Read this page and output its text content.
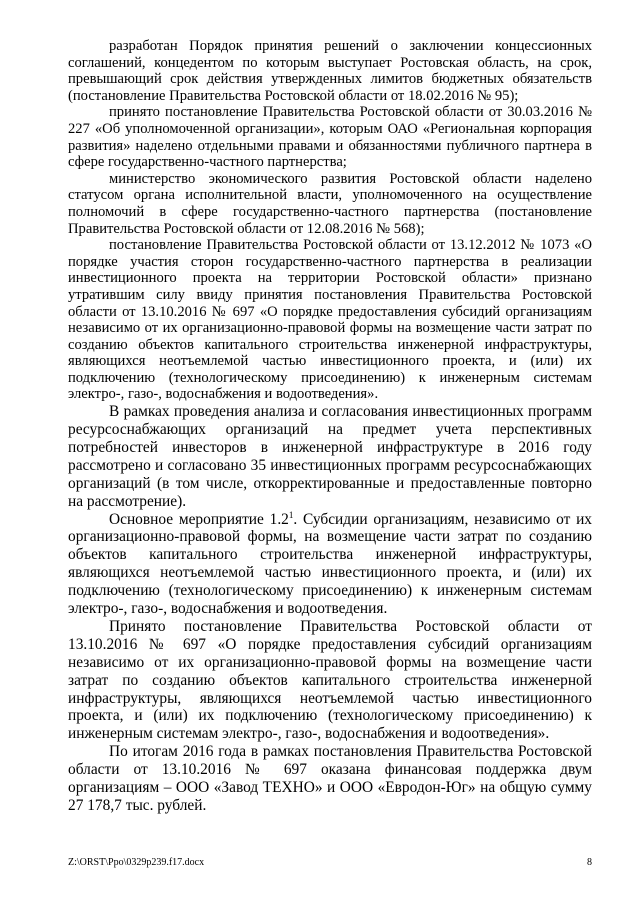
разработан Порядок принятия решений о заключении концессионных соглашений, концедентом по которым выступает Ростовская область, на срок, превышающий срок действия утвержденных лимитов бюджетных обязательств (постановление Правительства Ростовской области от 18.02.2016 № 95);

принято постановление Правительства Ростовской области от 30.03.2016 № 227 «Об уполномоченной организации», которым ОАО «Региональная корпорация развития» наделено отдельными правами и обязанностями публичного партнера в сфере государственно-частного партнерства;

министерство экономического развития Ростовской области наделено статусом органа исполнительной власти, уполномоченного на осуществление полномочий в сфере государственно-частного партнерства (постановление Правительства Ростовской области от 12.08.2016 № 568);

постановление Правительства Ростовской области от 13.12.2012 № 1073 «О порядке участия сторон государственно-частного партнерства в реализации инвестиционного проекта на территории Ростовской области» признано утратившим силу ввиду принятия постановления Правительства Ростовской области от 13.10.2016 № 697 «О порядке предоставления субсидий организациям независимо от их организационно-правовой формы на возмещение части затрат по созданию объектов капитального строительства инженерной инфраструктуры, являющихся неотъемлемой частью инвестиционного проекта, и (или) их подключению (технологическому присоединению) к инженерным системам электро-, газо-, водоснабжения и водоотведения».

В рамках проведения анализа и согласования инвестиционных программ ресурсоснабжающих организаций на предмет учета перспективных потребностей инвесторов в инженерной инфраструктуре в 2016 году рассмотрено и согласовано 35 инвестиционных программ ресурсоснабжающих организаций (в том числе, откорректированные и предоставленные повторно на рассмотрение).

Основное мероприятие $1.2^1$. Субсидии организациям, независимо от их организационно-правовой формы, на возмещение части затрат по созданию объектов капитального строительства инженерной инфраструктуры, являющихся неотъемлемой частью инвестиционного проекта, и (или) их подключению (технологическому присоединению) к инженерным системам электро-, газо-, водоснабжения и водоотведения.

Принято постановление Правительства Ростовской области от 13.10.2016 № 697 «О порядке предоставления субсидий организациям независимо от их организационно-правовой формы на возмещение части затрат по созданию объектов капитального строительства инженерной инфраструктуры, являющихся неотъемлемой частью инвестиционного проекта, и (или) их подключению (технологическому присоединению) к инженерным системам электро-, газо-, водоснабжения и водоотведения».

По итогам 2016 года в рамках постановления Правительства Ростовской области от 13.10.2016 № 697 оказана финансовая поддержка двум организациям – ООО «Завод ТЕХНО» и ООО «Евродон-Юг» на общую сумму 27 178,7 тыс. рублей.

Z:\ORST\Ppo\0329p239.f17.docx	8
